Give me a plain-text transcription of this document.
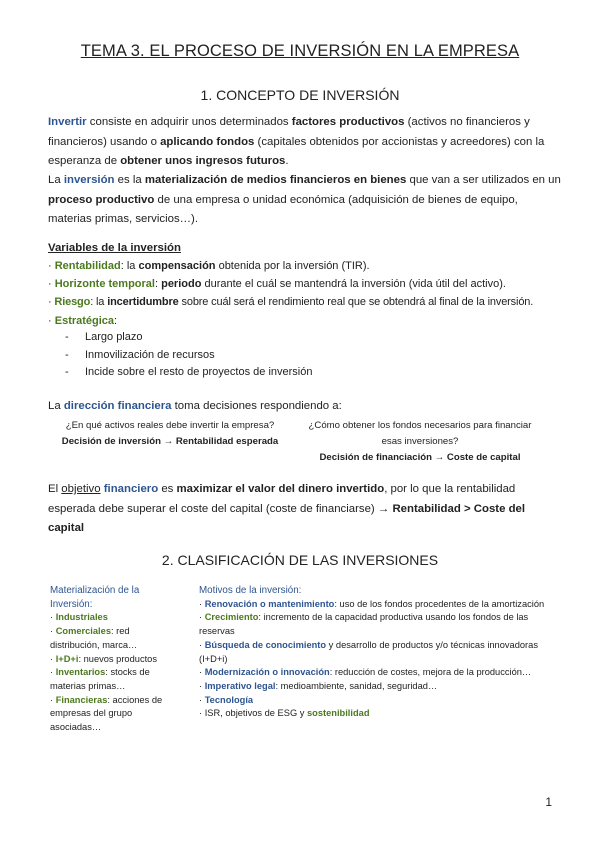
TEMA 3. EL PROCESO DE INVERSIÓN EN LA EMPRESA
1. CONCEPTO DE INVERSIÓN
Invertir consiste en adquirir unos determinados factores productivos (activos no financieros y financieros) usando o aplicando fondos (capitales obtenidos por accionistas y acreedores) con la esperanza de obtener unos ingresos futuros.
La inversión es la materialización de medios financieros en bienes que van a ser utilizados en un proceso productivo de una empresa o unidad económica (adquisición de bienes de equipo, materias primas, servicios…).
Variables de la inversión
· Rentabilidad: la compensación obtenida por la inversión (TIR).
· Horizonte temporal: periodo durante el cuál se mantendrá la inversión (vida útil del activo).
· Riesgo: la incertidumbre sobre cuál será el rendimiento real que se obtendrá al final de la inversión.
· Estratégica:
-	Largo plazo
-	Inmovilización de recursos
-	Incide sobre el resto de proyectos de inversión
La dirección financiera toma decisiones respondiendo a:
¿En qué activos reales debe invertir la empresa?
Decisión de inversión → Rentabilidad esperada
¿Cómo obtener los fondos necesarios para financiar
esas inversiones?
Decisión de financiación → Coste de capital
El objetivo financiero es maximizar el valor del dinero invertido, por lo que la rentabilidad esperada debe superar el coste del capital (coste de financiarse) → Rentabilidad > Coste del capital
2. CLASIFICACIÓN DE LAS INVERSIONES
Materialización de la Inversión:
· Industriales
· Comerciales: red distribución, marca…
· I+D+i: nuevos productos
· Inventarios: stocks de materias primas…
· Financieras: acciones de empresas del grupo asociadas…
Motivos de la inversión:
· Renovación o mantenimiento: uso de los fondos procedentes de la amortización
· Crecimiento: incremento de la capacidad productiva usando los fondos de las reservas
· Búsqueda de conocimiento y desarrollo de productos y/o técnicas innovadoras (I+D+i)
· Modernización o innovación: reducción de costes, mejora de la producción…
· Imperativo legal: medioambiente, sanidad, seguridad…
· Tecnología
· ISR, objetivos de ESG y sostenibilidad
1
